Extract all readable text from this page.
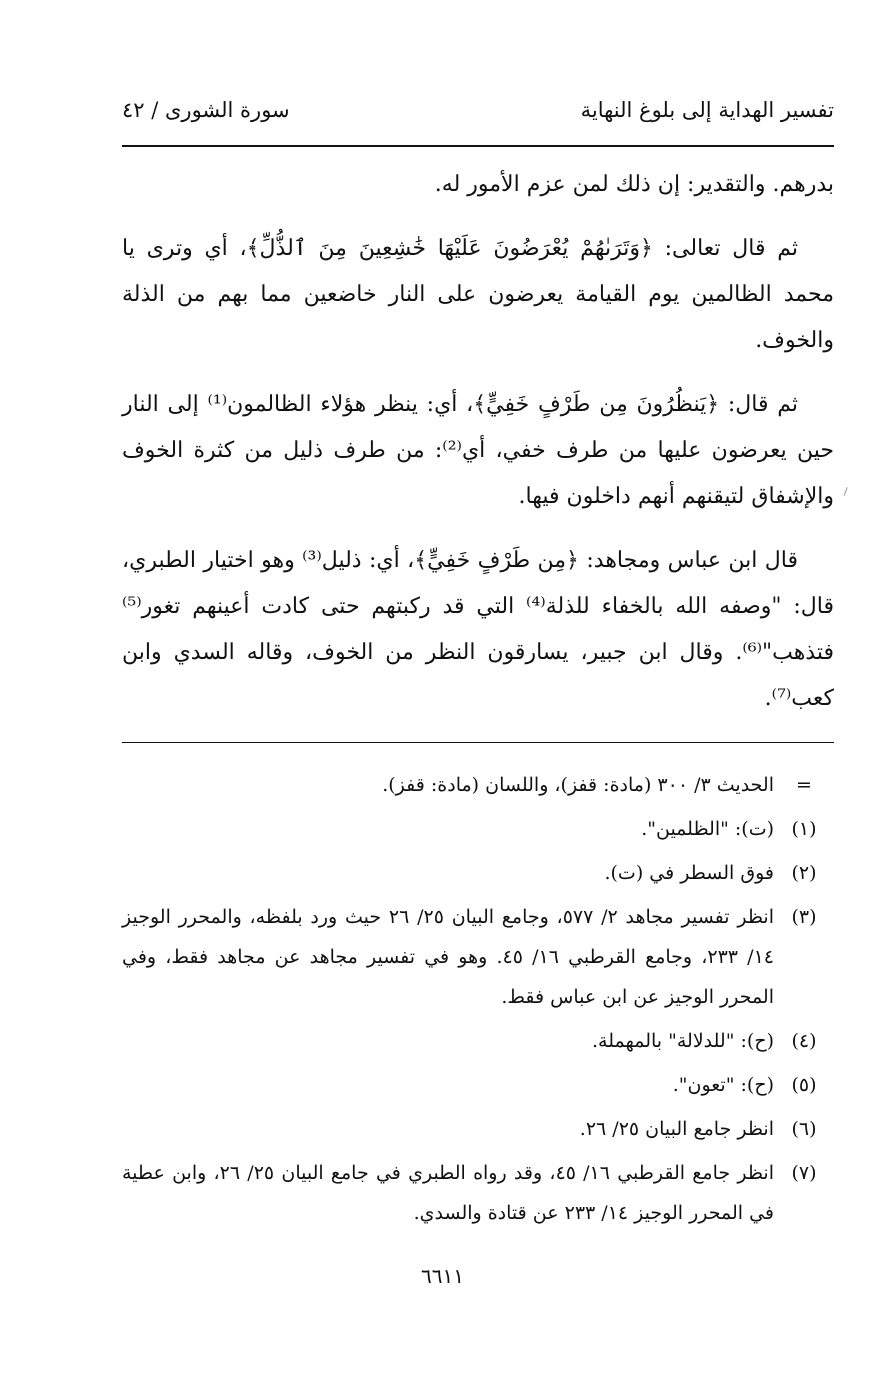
تفسير الهداية إلى بلوغ النهاية
سورة الشورى / ٤٢

بدرهم. والتقدير: إن ذلك لمن عزم الأمور له.

ثم قال تعالى: ﴿وَتَرَىٰهُمْ يُعْرَضُونَ عَلَيْهَا خَٰشِعِينَ مِنَ ٱلذُّلِّ﴾، أي وترى يا محمد الظالمين يوم القيامة يعرضون على النار خاضعين مما بهم من الذلة والخوف.

ثم قال: ﴿يَنظُرُونَ مِن طَرْفٍ خَفِيٍّ﴾، أي: ينظر هؤلاء الظالمون⁽¹⁾ إلى النار حين يعرضون عليها من طرف خفي، أي⁽²⁾: من طرف ذليل من كثرة الخوف والإشفاق لتيقنهم أنهم داخلون فيها.

قال ابن عباس ومجاهد: ﴿مِن طَرْفٍ خَفِيٍّ﴾، أي: ذليل⁽³⁾ وهو اختيار الطبري، قال: "وصفه الله بالخفاء للذلة⁽⁴⁾ التي قد ركبتهم حتى كادت أعينهم تغور⁽⁵⁾ فتذهب"⁽⁶⁾. وقال ابن جبير، يسارقون النظر من الخوف، وقاله السدي وابن كعب⁽⁷⁾.

=
الحديث ٣/ ٣٠٠ (مادة: قفز)، واللسان (مادة: قفز).
(١)
(ت): "الظلمين".
(٢)
فوق السطر في (ت).
(٣)
انظر تفسير مجاهد ٢/ ٥٧٧، وجامع البيان ٢٥/ ٢٦ حيث ورد بلفظه، والمحرر الوجيز ١٤/ ٢٣٣، وجامع القرطبي ١٦/ ٤٥. وهو في تفسير مجاهد عن مجاهد فقط، وفي المحرر الوجيز عن ابن عباس فقط.
(٤)
(ح): "للدلالة" بالمهملة.
(٥)
(ح): "تعون".
(٦)
انظر جامع البيان ٢٥/ ٢٦.
(٧)
انظر جامع القرطبي ١٦/ ٤٥، وقد رواه الطبري في جامع البيان ٢٥/ ٢٦، وابن عطية في المحرر الوجيز ١٤/ ٢٣٣ عن قتادة والسدي.
٦٦١١
